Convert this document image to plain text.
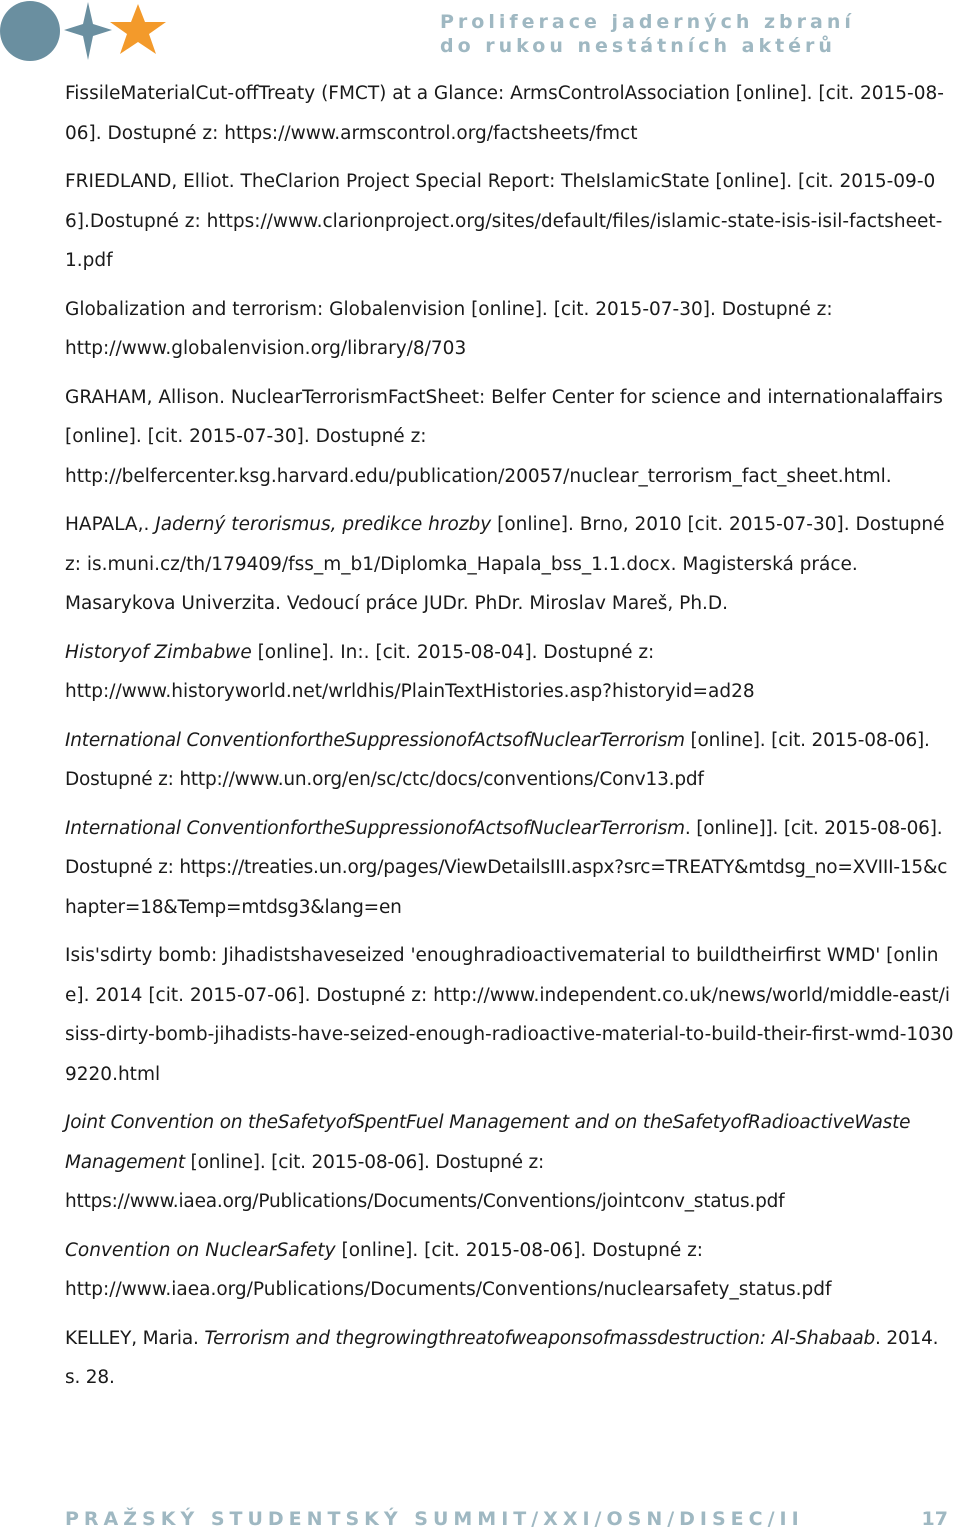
Proliferace jaderných zbraní
do rukou nestátních aktérů

FissileMaterialCut-offTreaty (FMCT) at a Glance: ArmsControlAssociation [online]. [cit. 2015-08-06]. Dostupné z: https://www.armscontrol.org/factsheets/fmct

FRIEDLAND, Elliot. TheClarion Project Special Report: TheIslamicState [online]. [cit. 2015-09-06].Dostupné z: https://www.clarionproject.org/sites/default/files/islamic-state-isis-isil-factsheet-1.pdf

Globalization and terrorism: Globalenvision [online]. [cit. 2015-07-30]. Dostupné z: http://www.globalenvision.org/library/8/703

GRAHAM, Allison. NuclearTerrorismFactSheet: Belfer Center for science and internationalaffairs [online]. [cit. 2015-07-30]. Dostupné z: http://belfercenter.ksg.harvard.edu/publication/20057/nuclear_terrorism_fact_sheet.html.

HAPALA,. Jaderný terorismus, predikce hrozby [online]. Brno, 2010 [cit. 2015-07-30]. Dostupné z: is.muni.cz/th/179409/fss_m_b1/Diplomka_Hapala_bss_1.1.docx. Magisterská práce. Masarykova Univerzita. Vedoucí práce JUDr. PhDr. Miroslav Mareš, Ph.D.

Historyof Zimbabwe [online]. In:. [cit. 2015-08-04]. Dostupné z: http://www.historyworld.net/wrldhis/PlainTextHistories.asp?historyid=ad28

International ConventionfortheSuppressionofActsofNuclearTerrorism [online]. [cit. 2015-08-06]. Dostupné z: http://www.un.org/en/sc/ctc/docs/conventions/Conv13.pdf

International ConventionfortheSuppressionofActsofNuclearTerrorism. [online]]. [cit. 2015-08-06]. Dostupné z: https://treaties.un.org/pages/ViewDetailsIII.aspx?src=TREATY&mtdsg_no=XVIII-15&chapter=18&Temp=mtdsg3&lang=en

Isis'sdirty bomb: Jihadistshaveseized 'enoughradioactivematerial to buildtheirfirst WMD' [online]. 2014 [cit. 2015-07-06]. Dostupné z: http://www.independent.co.uk/news/world/middle-east/isiss-dirty-bomb-jihadists-have-seized-enough-radioactive-material-to-build-their-first-wmd-10309220.html

Joint Convention on theSafetyofSpentFuel Management and on theSafetyofRadioactiveWaste Management [online]. [cit. 2015-08-06]. Dostupné z: https://www.iaea.org/Publications/Documents/Conventions/jointconv_status.pdf

Convention on NuclearSafety [online]. [cit. 2015-08-06]. Dostupné z: http://www.iaea.org/Publications/Documents/Conventions/nuclearsafety_status.pdf

KELLEY, Maria. Terrorism and thegrowingthreatofweaponsofmassdestruction: Al-Shabaab. 2014. s. 28.

PRAŽSKÝ STUDENTSKÝ SUMMIT/XXI/OSN/DISEC/II	17
